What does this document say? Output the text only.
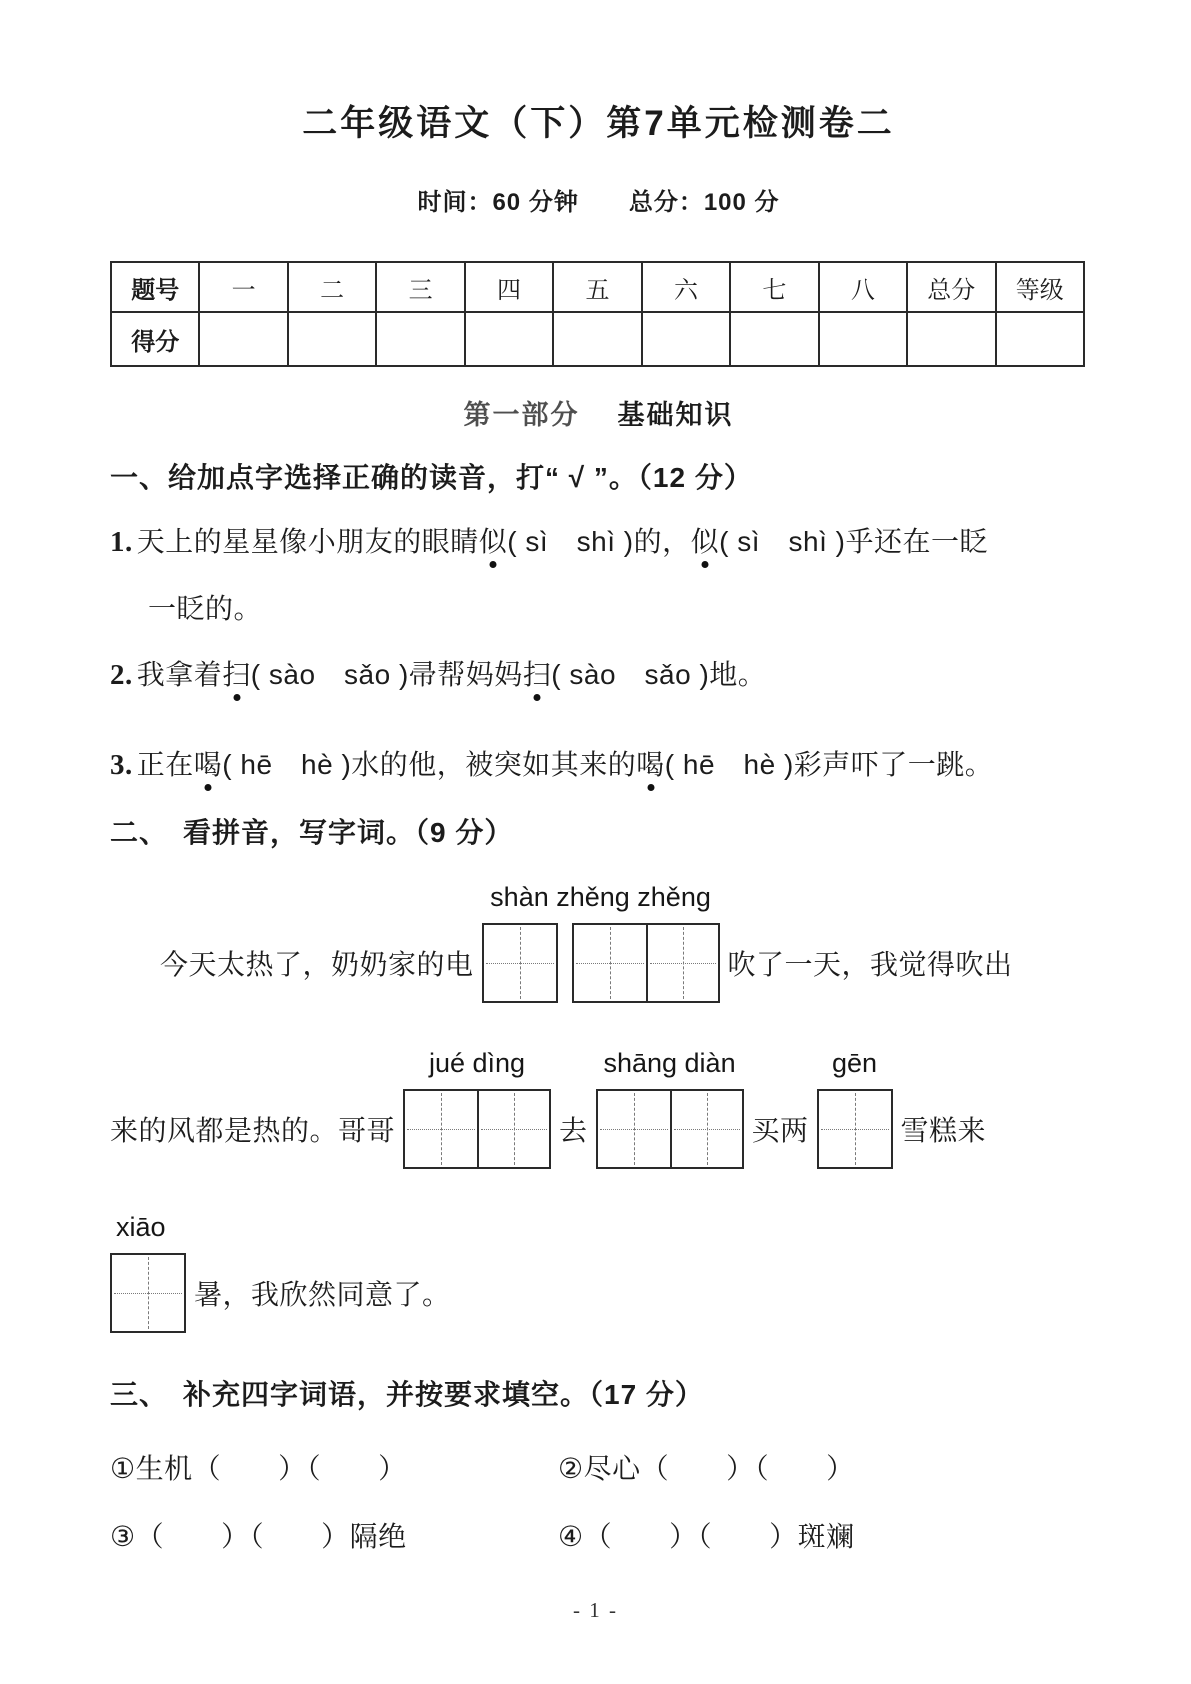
二年级语文（下）第7单元检测卷二
时间：60 分钟　　总分：100 分
题号	一	二	三	四	五	六	七	八	总分	等级
得分										
第一部分 基础知识
一、给加点字选择正确的读音，打“ √ ”。（12 分）
1. 天上的星星像小朋友的眼睛似( sì　shì )的，似( sì　shì )乎还在一眨
一眨的。
2. 我拿着扫( sào　sǎo )帚帮妈妈扫( sào　sǎo )地。
3. 正在喝( hē　hè )水的他，被突如其来的喝( hē　hè )彩声吓了一跳。
二、　看拼音，写字词。（9 分）
今天太热了，奶奶家的电
shàn zhěng zhěng
吹了一天，我觉得吹出
来的风都是热的。哥哥
jué dìng
去
shāng diàn
买两
gēn
雪糕来
xiāo
暑，我欣然同意了。
三、　补充四字词语，并按要求填空。（17 分）
①生机（　　）（　　）	②尽心（　　）（　　）
③（　　）（　　）隔绝	④（　　）（　　）斑斓
- 1 -
